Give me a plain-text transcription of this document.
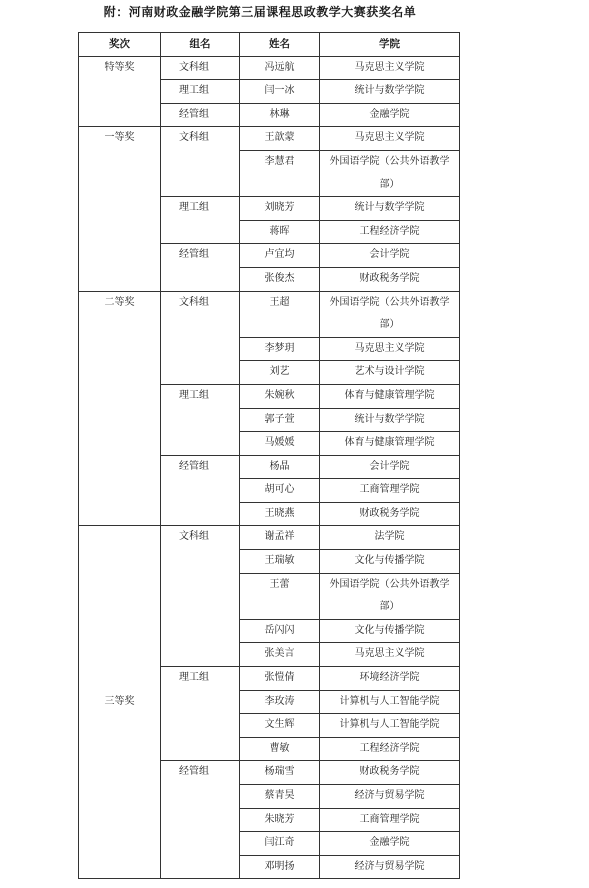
附：河南财政金融学院第三届课程思政教学大赛获奖名单
奖次	组名	姓名	学院
特等奖	文科组	冯远航	马克思主义学院
	理工组	闫一冰	统计与数学学院
	经管组	林琳	金融学院
一等奖	文科组	王歆蒙	马克思主义学院
		李慧君	外国语学院（公共外语教学部）
	理工组	刘晓芳	统计与数学学院
		蒋晖	工程经济学院
	经管组	卢宜均	会计学院
		张俊杰	财政税务学院
二等奖	文科组	王超	外国语学院（公共外语教学部）
		李梦玥	马克思主义学院
		刘艺	艺术与设计学院
	理工组	朱婉秋	体育与健康管理学院
		郭子萱	统计与数学学院
		马媛媛	体育与健康管理学院
	经管组	杨晶	会计学院
		胡可心	工商管理学院
		王晓燕	财政税务学院
三等奖	文科组	谢孟祥	法学院
		王瑞敏	文化与传播学院
		王蕾	外国语学院（公共外语教学部）
		岳闪闪	文化与传播学院
		张美言	马克思主义学院
	理工组	张愷倩	环境经济学院
		李玫涛	计算机与人工智能学院
		文生辉	计算机与人工智能学院
		曹敏	工程经济学院
	经管组	杨瑞雪	财政税务学院
		蔡青昊	经济与贸易学院
		朱晓芳	工商管理学院
		闫江奇	金融学院
		邓明扬	经济与贸易学院
